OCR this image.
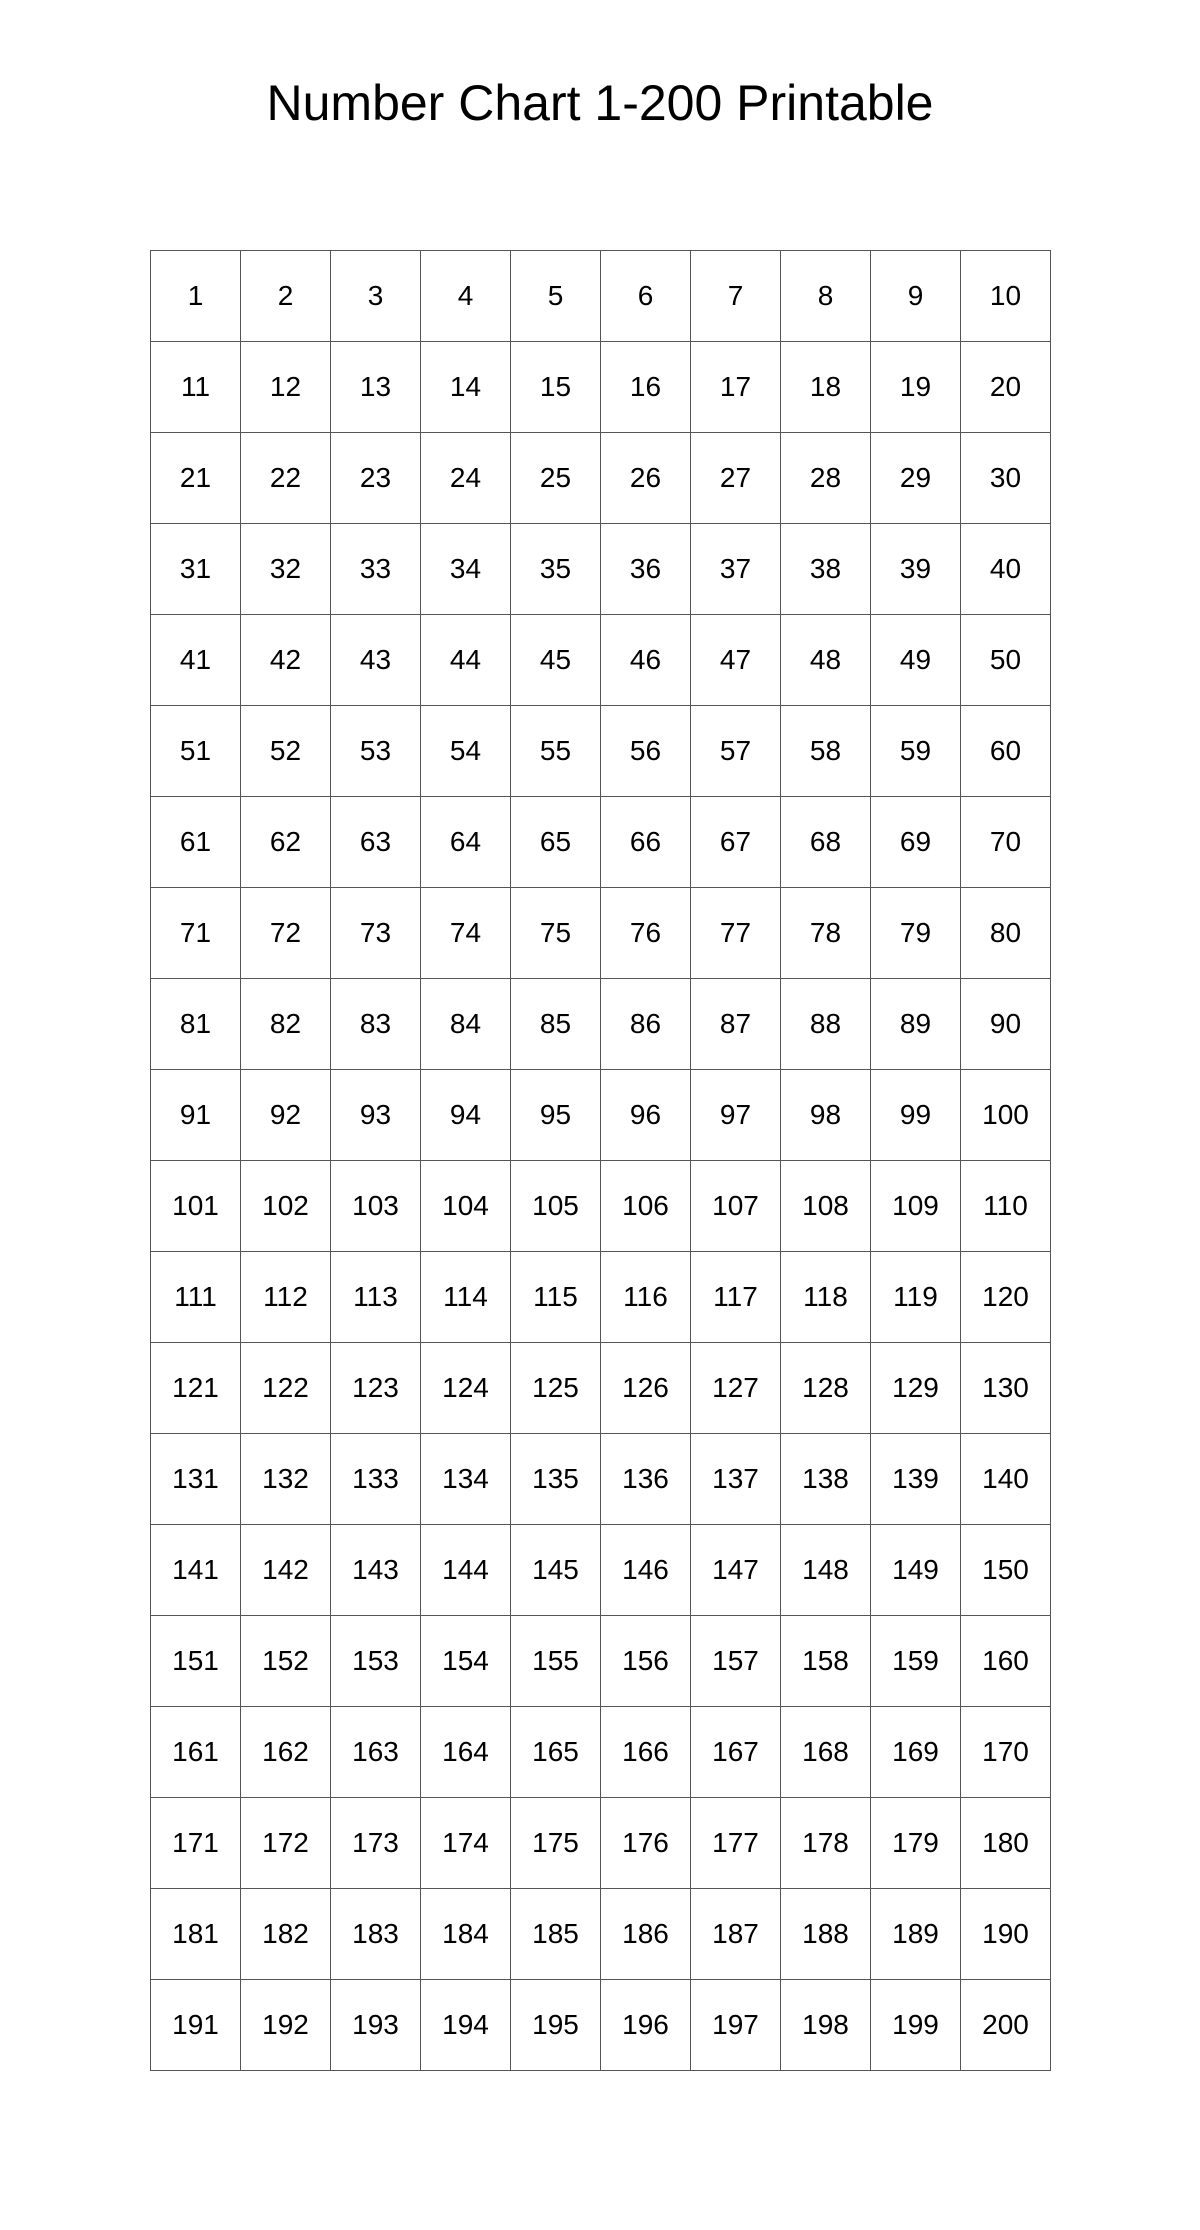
Number Chart 1-200 Printable
1	2	3	4	5	6	7	8	9	10
11	12	13	14	15	16	17	18	19	20
21	22	23	24	25	26	27	28	29	30
31	32	33	34	35	36	37	38	39	40
41	42	43	44	45	46	47	48	49	50
51	52	53	54	55	56	57	58	59	60
61	62	63	64	65	66	67	68	69	70
71	72	73	74	75	76	77	78	79	80
81	82	83	84	85	86	87	88	89	90
91	92	93	94	95	96	97	98	99	100
101	102	103	104	105	106	107	108	109	110
111	112	113	114	115	116	117	118	119	120
121	122	123	124	125	126	127	128	129	130
131	132	133	134	135	136	137	138	139	140
141	142	143	144	145	146	147	148	149	150
151	152	153	154	155	156	157	158	159	160
161	162	163	164	165	166	167	168	169	170
171	172	173	174	175	176	177	178	179	180
181	182	183	184	185	186	187	188	189	190
191	192	193	194	195	196	197	198	199	200
